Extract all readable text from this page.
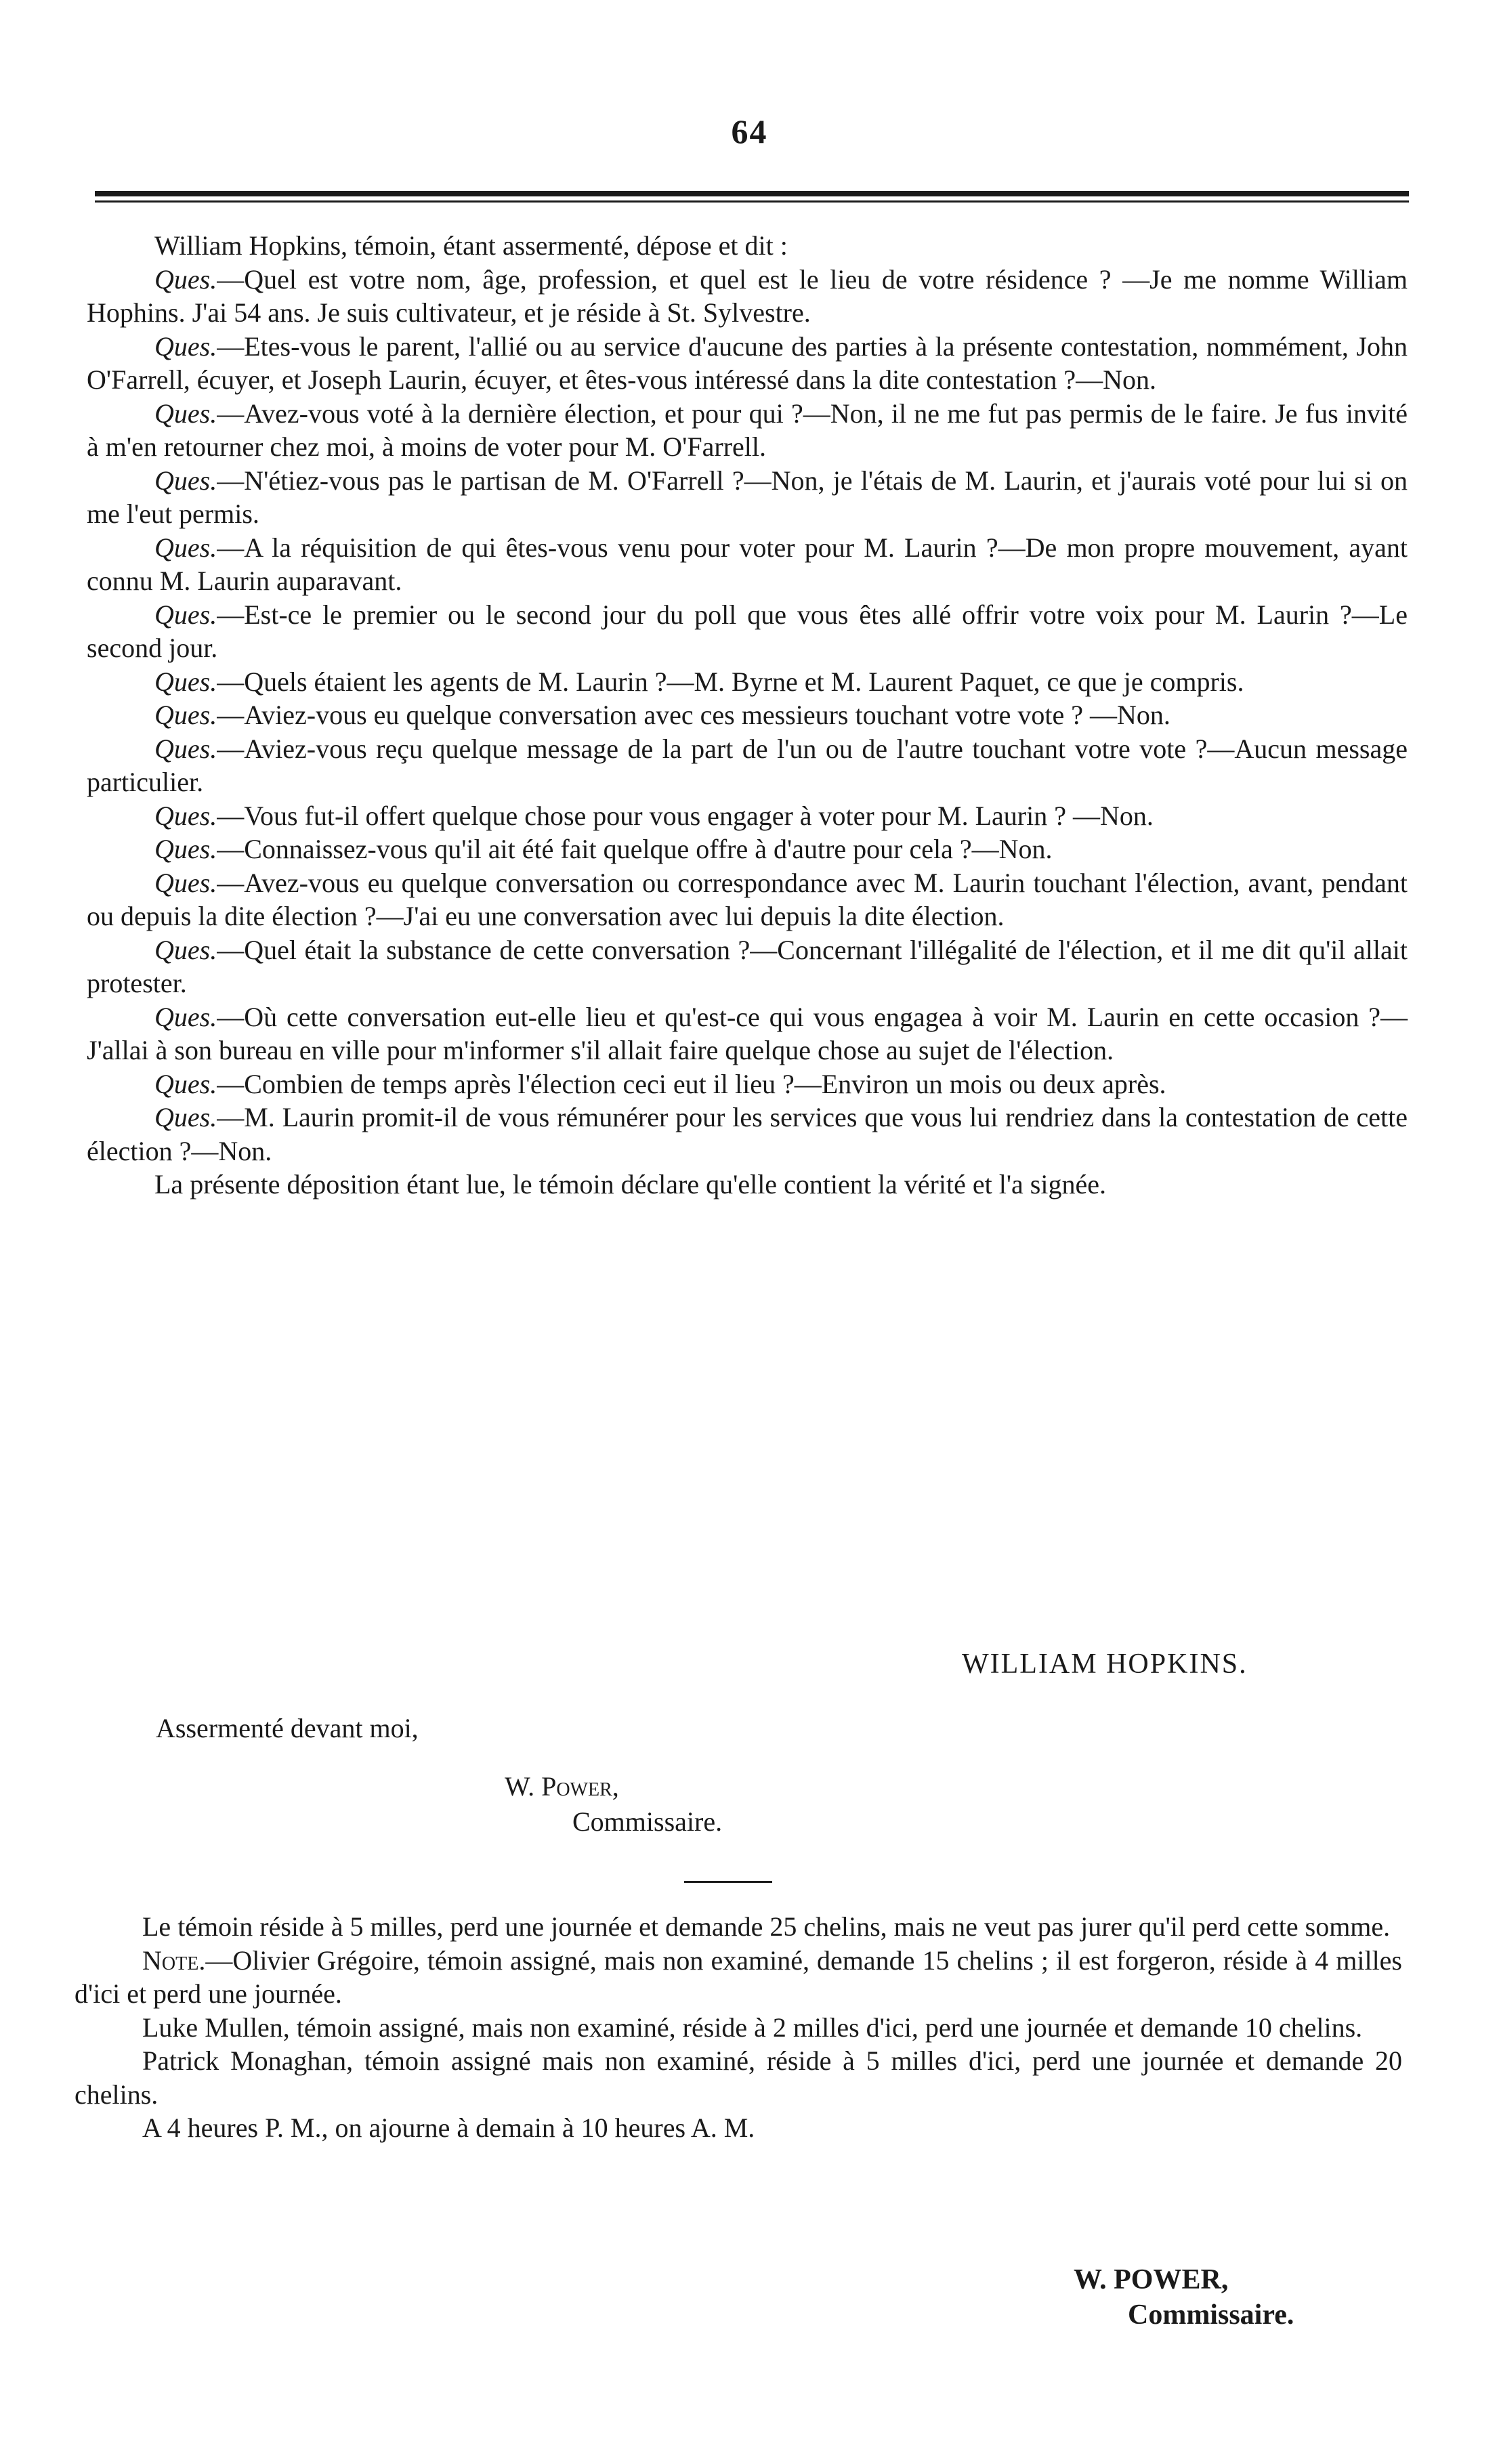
64

William Hopkins, témoin, étant assermenté, dépose et dit :

Ques.—Quel est votre nom, âge, profession, et quel est le lieu de votre résidence ? —Je me nomme William Hophins. J'ai 54 ans. Je suis cultivateur, et je réside à St. Sylvestre.

Ques.—Etes-vous le parent, l'allié ou au service d'aucune des parties à la présente contestation, nommément, John O'Farrell, écuyer, et Joseph Laurin, écuyer, et êtes-vous intéressé dans la dite contestation ?—Non.

Ques.—Avez-vous voté à la dernière élection, et pour qui ?—Non, il ne me fut pas permis de le faire. Je fus invité à m'en retourner chez moi, à moins de voter pour M. O'Farrell.

Ques.—N'étiez-vous pas le partisan de M. O'Farrell ?—Non, je l'étais de M. Laurin, et j'aurais voté pour lui si on me l'eut permis.

Ques.—A la réquisition de qui êtes-vous venu pour voter pour M. Laurin ?—De mon propre mouvement, ayant connu M. Laurin auparavant.

Ques.—Est-ce le premier ou le second jour du poll que vous êtes allé offrir votre voix pour M. Laurin ?—Le second jour.

Ques.—Quels étaient les agents de M. Laurin ?—M. Byrne et M. Laurent Paquet, ce que je compris.

Ques.—Aviez-vous eu quelque conversation avec ces messieurs touchant votre vote ? —Non.

Ques.—Aviez-vous reçu quelque message de la part de l'un ou de l'autre touchant votre vote ?—Aucun message particulier.

Ques.—Vous fut-il offert quelque chose pour vous engager à voter pour M. Laurin ? —Non.

Ques.—Connaissez-vous qu'il ait été fait quelque offre à d'autre pour cela ?—Non.

Ques.—Avez-vous eu quelque conversation ou correspondance avec M. Laurin touchant l'élection, avant, pendant ou depuis la dite élection ?—J'ai eu une conversation avec lui depuis la dite élection.

Ques.—Quel était la substance de cette conversation ?—Concernant l'illégalité de l'élection, et il me dit qu'il allait protester.

Ques.—Où cette conversation eut-elle lieu et qu'est-ce qui vous engagea à voir M. Laurin en cette occasion ?—J'allai à son bureau en ville pour m'informer s'il allait faire quelque chose au sujet de l'élection.

Ques.—Combien de temps après l'élection ceci eut il lieu ?—Environ un mois ou deux après.

Ques.—M. Laurin promit-il de vous rémunérer pour les services que vous lui rendriez dans la contestation de cette élection ?—Non.

La présente déposition étant lue, le témoin déclare qu'elle contient la vérité et l'a signée.

WILLIAM HOPKINS.
Assermenté devant moi,
W. Power,
Commissaire.

Le témoin réside à 5 milles, perd une journée et demande 25 chelins, mais ne veut pas jurer qu'il perd cette somme.

Note.—Olivier Grégoire, témoin assigné, mais non examiné, demande 15 chelins ; il est forgeron, réside à 4 milles d'ici et perd une journée.

Luke Mullen, témoin assigné, mais non examiné, réside à 2 milles d'ici, perd une journée et demande 10 chelins.

Patrick Monaghan, témoin assigné mais non examiné, réside à 5 milles d'ici, perd une journée et demande 20 chelins.

A 4 heures P. M., on ajourne à demain à 10 heures A. M.

W. POWER,
Commissaire.
